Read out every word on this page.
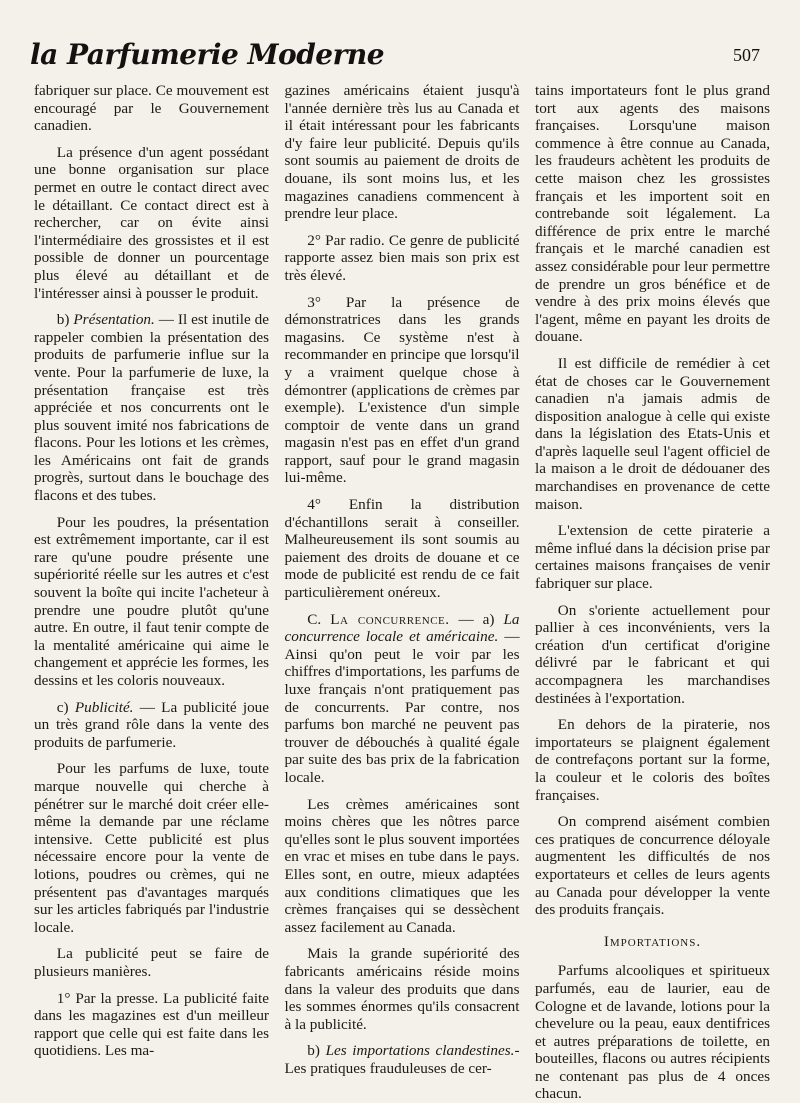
la Parfumerie Moderne	507

fabriquer sur place. Ce mouvement est encouragé par le Gouvernement canadien.

La présence d'un agent possédant une bonne organisation sur place permet en outre le contact direct avec le détaillant. Ce contact direct est à rechercher, car on évite ainsi l'intermédiaire des grossistes et il est possible de donner un pourcentage plus élevé au détaillant et de l'intéresser ainsi à pousser le produit.

b) Présentation. — Il est inutile de rappeler combien la présentation des produits de parfumerie influe sur la vente. Pour la parfumerie de luxe, la présentation française est très appréciée et nos concurrents ont le plus souvent imité nos fabrications de flacons. Pour les lotions et les crèmes, les Américains ont fait de grands progrès, surtout dans le bouchage des flacons et des tubes.

Pour les poudres, la présentation est extrêmement importante, car il est rare qu'une poudre présente une supériorité réelle sur les autres et c'est souvent la boîte qui incite l'acheteur à prendre une poudre plutôt qu'une autre. En outre, il faut tenir compte de la mentalité américaine qui aime le changement et apprécie les formes, les dessins et les coloris nouveaux.

c) Publicité. — La publicité joue un très grand rôle dans la vente des produits de parfumerie.

Pour les parfums de luxe, toute marque nouvelle qui cherche à pénétrer sur le marché doit créer elle-même la demande par une réclame intensive. Cette publicité est plus nécessaire encore pour la vente de lotions, poudres ou crèmes, qui ne présentent pas d'avantages marqués sur les articles fabriqués par l'industrie locale.

La publicité peut se faire de plusieurs manières.

1° Par la presse. La publicité faite dans les magazines est d'un meilleur rapport que celle qui est faite dans les quotidiens. Les ma-

gazines américains étaient jusqu'à l'année dernière très lus au Canada et il était intéressant pour les fabricants d'y faire leur publicité. Depuis qu'ils sont soumis au paiement de droits de douane, ils sont moins lus, et les magazines canadiens commencent à prendre leur place.

2° Par radio. Ce genre de publicité rapporte assez bien mais son prix est très élevé.

3° Par la présence de démonstratrices dans les grands magasins. Ce système n'est à recommander en principe que lorsqu'il y a vraiment quelque chose à démontrer (applications de crèmes par exemple). L'existence d'un simple comptoir de vente dans un grand magasin n'est pas en effet d'un grand rapport, sauf pour le grand magasin lui-même.

4° Enfin la distribution d'échantillons serait à conseiller. Malheureusement ils sont soumis au paiement des droits de douane et ce mode de publicité est rendu de ce fait particulièrement onéreux.

C. La concurrence. — a) La concurrence locale et américaine. — Ainsi qu'on peut le voir par les chiffres d'importations, les parfums de luxe français n'ont pratiquement pas de concurrents. Par contre, nos parfums bon marché ne peuvent pas trouver de débouchés à qualité égale par suite des bas prix de la fabrication locale.

Les crèmes américaines sont moins chères que les nôtres parce qu'elles sont le plus souvent importées en vrac et mises en tube dans le pays. Elles sont, en outre, mieux adaptées aux conditions climatiques que les crèmes françaises qui se dessèchent assez facilement au Canada.

Mais la grande supériorité des fabricants américains réside moins dans la valeur des produits que dans les sommes énormes qu'ils consacrent à la publicité.

b) Les importations clandestines.- Les pratiques frauduleuses de cer-

tains importateurs font le plus grand tort aux agents des maisons françaises. Lorsqu'une maison commence à être connue au Canada, les fraudeurs achètent les produits de cette maison chez les grossistes français et les importent soit en contrebande soit légalement. La différence de prix entre le marché français et le marché canadien est assez considérable pour leur permettre de prendre un gros bénéfice et de vendre à des prix moins élevés que l'agent, même en payant les droits de douane.

Il est difficile de remédier à cet état de choses car le Gouvernement canadien n'a jamais admis de disposition analogue à celle qui existe dans la législation des Etats-Unis et d'après laquelle seul l'agent officiel de la maison a le droit de dédouaner des marchandises en provenance de cette maison.

L'extension de cette piraterie a même influé dans la décision prise par certaines maisons françaises de venir fabriquer sur place.

On s'oriente actuellement pour pallier à ces inconvénients, vers la création d'un certificat d'origine délivré par le fabricant et qui accompagnera les marchandises destinées à l'exportation.

En dehors de la piraterie, nos importateurs se plaignent également de contrefaçons portant sur la forme, la couleur et le coloris des boîtes françaises.

On comprend aisément combien ces pratiques de concurrence déloyale augmentent les difficultés de nos exportateurs et celles de leurs agents au Canada pour développer la vente des produits français.

Importations.

Parfums alcooliques et spiritueux parfumés, eau de laurier, eau de Cologne et de lavande, lotions pour la chevelure ou la peau, eaux dentifrices et autres préparations de toilette, en bouteilles, flacons ou autres récipients ne contenant pas plus de 4 onces chacun.
